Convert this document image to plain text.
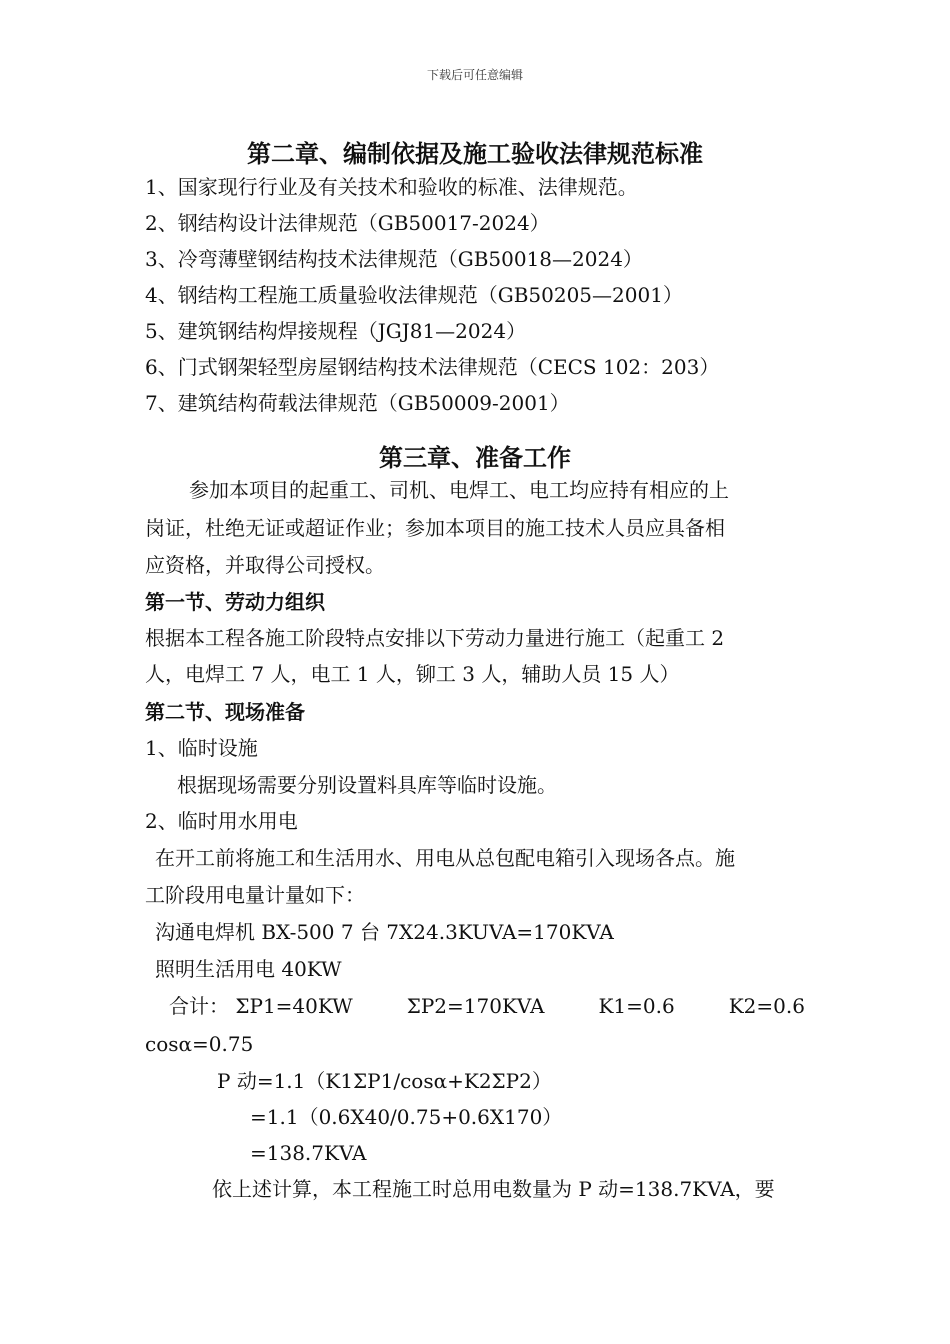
下载后可任意编辑
第二章、编制依据及施工验收法律规范标准
1、国家现行行业及有关技术和验收的标准、法律规范。
2、钢结构设计法律规范（GB50017-2024）
3、冷弯薄壁钢结构技术法律规范（GB50018—2024）
4、钢结构工程施工质量验收法律规范（GB50205—2001）
5、建筑钢结构焊接规程（JGJ81—2024）
6、门式钢架轻型房屋钢结构技术法律规范（CECS 102：203）
7、建筑结构荷载法律规范（GB50009-2001）
第三章、准备工作
参加本项目的起重工、司机、电焊工、电工均应持有相应的上
岗证，杜绝无证或超证作业；参加本项目的施工技术人员应具备相
应资格，并取得公司授权。
第一节、劳动力组织
根据本工程各施工阶段特点安排以下劳动力量进行施工（起重工 2
人，电焊工 7 人，电工 1 人，铆工 3 人，辅助人员 15 人）
第二节、现场准备
1、临时设施
根据现场需要分别设置料具库等临时设施。
2、临时用水用电
在开工前将施工和生活用水、用电从总包配电箱引入现场各点。施
工阶段用电量计量如下：
沟通电焊机 BX-500 7 台 7X24.3KUVA=170KVA
照明生活用电 40KW
合计： ΣP1=40KW	ΣP2=170KVA	K1=0.6	K2=0.6
cosα=0.75
P 动=1.1（K1ΣP1/cosα+K2ΣP2）
=1.1（0.6X40/0.75+0.6X170）
=138.7KVA
依上述计算，本工程施工时总用电数量为 P 动=138.7KVA，要
